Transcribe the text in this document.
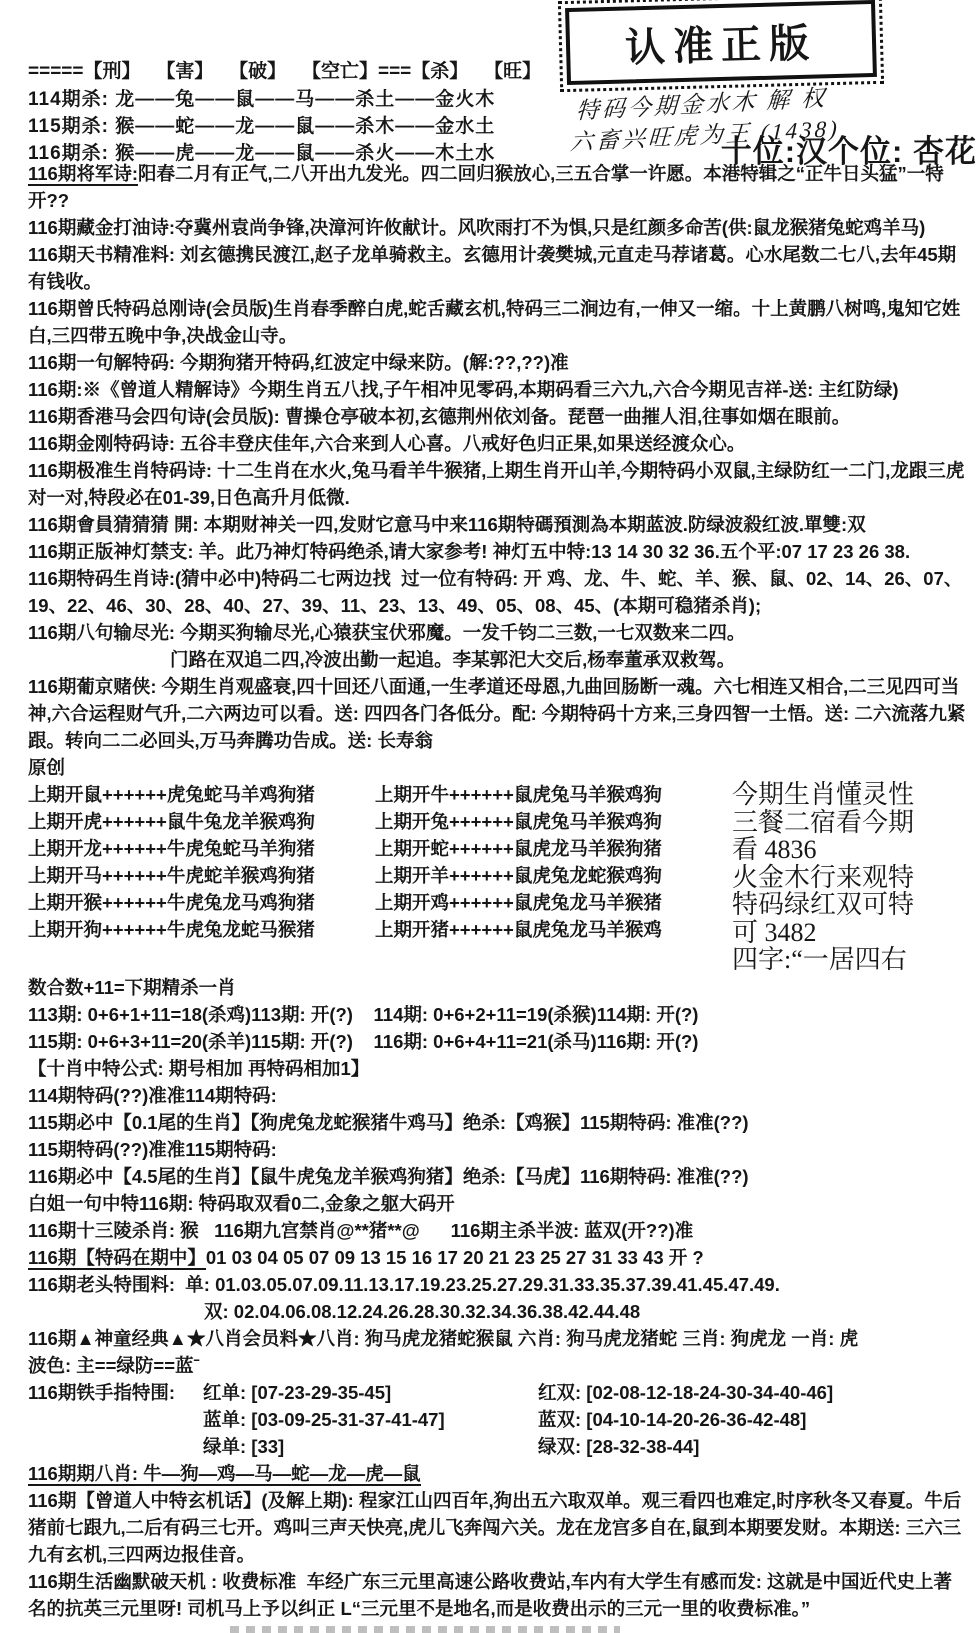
=====【刑】   【害】   【破】   【空亡】===【杀】   【旺】
114期杀: 龙——兔——鼠——马——杀土——金火木
115期杀: 猴——蛇——龙——鼠——杀木——金水土
116期杀: 猴——虎——龙——鼠——杀火——木土水
认准正版
特码今期金水木 解 权
六畜兴旺虎为王 (1438)
十位:汉个位: 杏花
116期将军诗:阳春二月有正气,二八开出九发光。四二回归猴放心,三五合掌一许愿。本港特辑之“正牛日头猛”一特开??
116期藏金打油诗:夺冀州袁尚争锋,决漳河许攸献计。风吹雨打不为惧,只是红颜多命苦(供:鼠龙猴猪兔蛇鸡羊马)
116期天书精准料: 刘玄德携民渡江,赵子龙单骑救主。玄德用计袭樊城,元直走马荐诸葛。心水尾数二七八,去年45期有钱收。
116期曾氏特码总刚诗(会员版)生肖春季醉白虎,蛇舌藏玄机,特码三二涧边有,一伸又一缩。十上黄鹏八树鸣,鬼知它姓白,三四带五晚中争,决战金山寺。
116期一句解特码: 今期狗猪开特码,红波定中绿来防。(解:??,??)准
116期:※《曾道人精解诗》今期生肖五八找,子午相冲见零码,本期码看三六九,六合今期见吉祥-送: 主红防绿)
116期香港马会四句诗(会员版): 曹操仓亭破本初,玄德荆州依刘备。琵琶一曲摧人泪,往事如烟在眼前。
116期金刚特码诗: 五谷丰登庆佳年,六合来到人心喜。八戒好色归正果,如果送经渡众心。
116期极准生肖特码诗: 十二生肖在水火,兔马看羊牛猴猪,上期生肖开山羊,今期特码小双鼠,主绿防红一二门,龙跟三虎对一对,特段必在01-39,日色高升月低微.
116期會員猜猜猜 開: 本期财神关一四,发财它意马中来116期特碼預測為本期蓝波.防绿波殺红波.單雙:双
116期正版神灯禁支: 羊。此乃神灯特码绝杀,请大家参考! 神灯五中特:13 14 30 32 36.五个平:07 17 23 26 38.
116期特码生肖诗:(猜中必中)特码二七两边找  过一位有特码: 开 鸡、龙、牛、蛇、羊、猴、鼠、02、14、26、07、19、22、46、30、28、40、27、39、11、23、13、49、05、08、45、(本期可稳猪杀肖);
116期八句输尽光: 今期买狗输尽光,心猿获宝伏邪魔。一发千钧二三数,一七双数来二四。
门路在双追二四,冷波出勤一起追。李某郭汜大交后,杨奉董承双救驾。
116期葡京赌侠: 今期生肖观盛衰,四十回还八面通,一生孝道还母恩,九曲回肠断一魂。六七相连又相合,二三见四可当神,六合运程财气升,二六两边可以看。送: 四四各门各低分。配: 今期特码十方来,三身四智一土悟。送: 二六流落九紧跟。转向二二必回头,万马奔腾功告成。送: 长寿翁
原创
上期开鼠++++++虎兔蛇马羊鸡狗猪	上期开牛++++++鼠虎兔马羊猴鸡狗
上期开虎++++++鼠牛兔龙羊猴鸡狗	上期开兔++++++鼠虎兔马羊猴鸡狗
上期开龙++++++牛虎兔蛇马羊狗猪	上期开蛇++++++鼠虎龙马羊猴狗猪
上期开马++++++牛虎蛇羊猴鸡狗猪	上期开羊++++++鼠虎兔龙蛇猴鸡狗
上期开猴++++++牛虎兔龙马鸡狗猪	上期开鸡++++++鼠虎兔龙马羊猴猪
上期开狗++++++牛虎兔龙蛇马猴猪	上期开猪++++++鼠虎兔龙马羊猴鸡
今期生肖懂灵性
三餐二宿看今期
看 4836
火金木行来观特
特码绿红双可特
可 3482
四字:“一居四右
数合数+11=下期精杀一肖
113期: 0+6+1+11=18(杀鸡)113期: 开(?)    114期: 0+6+2+11=19(杀猴)114期: 开(?)
115期: 0+6+3+11=20(杀羊)115期: 开(?)    116期: 0+6+4+11=21(杀马)116期: 开(?)
【十肖中特公式: 期号相加 再特码相加1】
114期特码(??)准准114期特码:
115期必中【0.1尾的生肖】【狗虎兔龙蛇猴猪牛鸡马】绝杀:【鸡猴】115期特码: 准准(??)
115期特码(??)准准115期特码:
116期必中【4.5尾的生肖】【鼠牛虎兔龙羊猴鸡狗猪】绝杀:【马虎】116期特码: 准准(??)
白姐一句中特116期: 特码取双看0二,金象之躯大码开
116期十三陵杀肖: 猴   116期九宫禁肖@**猪**@      116期主杀半波: 蓝双(开??)准
116期【特码在期中】01 03 04 05 07 09 13 15 16 17 20 21 23 25 27 31 33 43 开 ?
116期老头特围料:  单: 01.03.05.07.09.11.13.17.19.23.25.27.29.31.33.35.37.39.41.45.47.49.
双: 02.04.06.08.12.24.26.28.30.32.34.36.38.42.44.48
116期▲神童经典▲★八肖会员料★八肖: 狗马虎龙猪蛇猴鼠 六肖: 狗马虎龙猪蛇 三肖: 狗虎龙 一肖: 虎
波色: 主==绿防==蓝ˉ
116期铁手指特围:	红单: [07-23-29-35-45]	红双: [02-08-12-18-24-30-34-40-46]

蓝单: [03-09-25-31-37-41-47]	蓝双: [04-10-14-20-26-36-42-48]

绿单: [33]	绿双: [28-32-38-44]
116期期八肖: 牛—狗—鸡—马—蛇—龙—虎—鼠
116期【曾道人中特玄机话】(及解上期): 程家江山四百年,狗出五六取双单。观三看四也难定,时序秋冬又春夏。牛后猪前七跟九,二后有码三七开。鸡叫三声天快亮,虎儿飞奔闯六关。龙在龙宫多自在,鼠到本期要发财。本期送: 三六三九有玄机,三四两边报佳音。
116期生活幽默破天机 : 收费标准  车经广东三元里高速公路收费站,车内有大学生有感而发: 这就是中国近代史上著名的抗英三元里呀! 司机马上予以纠正 L“三元里不是地名,而是收费出示的三元一里的收费标准。”
